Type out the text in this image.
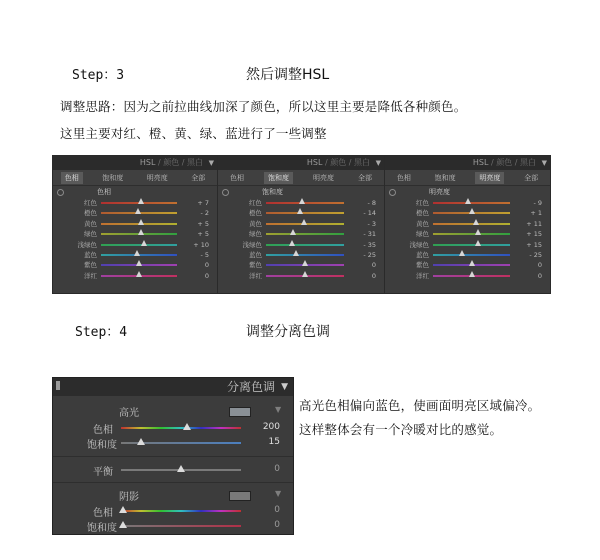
Step：3	然后调整HSL
调整思路：因为之前拉曲线加深了颜色，所以这里主要是降低各种颜色。
这里主要对红、橙、黄、绿、蓝进行了一些调整
HSL / 颜色 / 黑白 ▼
色相	饱和度	明亮度	全部
色相
红色	+ 7
橙色	- 2
黄色	+ 5
绿色	+ 5
浅绿色	+ 10
蓝色	- 5
紫色	0
洋红	0
HSL / 颜色 / 黑白 ▼
色相	饱和度	明亮度	全部
饱和度
红色	- 8
橙色	- 14
黄色	- 3
绿色	- 31
浅绿色	- 35
蓝色	- 25
紫色	0
洋红	0
HSL / 颜色 / 黑白 ▼
色相	饱和度	明亮度	全部
明亮度
红色	- 9
橙色	+ 1
黄色	+ 11
绿色	+ 15
浅绿色	+ 15
蓝色	- 25
紫色	0
洋红	0
Step：4	调整分离色调
分离色调 ▼
高光	▼
色相	200
饱和度	15
平衡	0
阴影	▼
色相	0
饱和度	0
高光色相偏向蓝色，使画面明亮区域偏冷。
这样整体会有一个冷暖对比的感觉。
